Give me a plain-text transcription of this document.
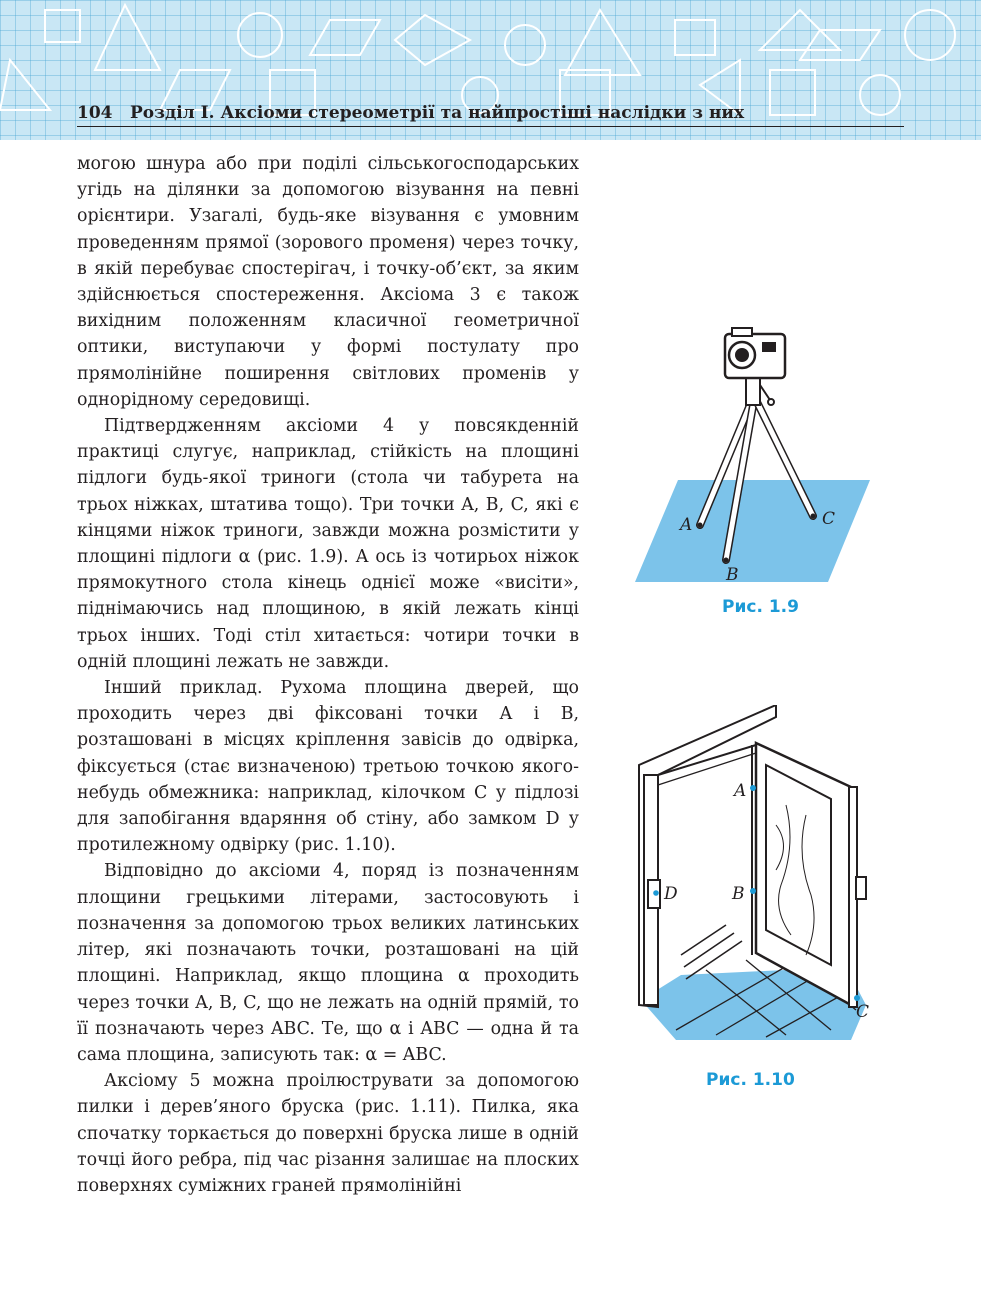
104 Розділ І. Аксіоми стереометрії та найпростіші наслідки з них

могою шнура або при поділі сільськогосподарських угідь на ділянки за допомогою візування на певні орієнтири. Узагалі, будь-яке візування є умовним проведенням прямої (зорового променя) через точку, в якій перебуває спостерігач, і точку-об’єкт, за яким здійснюється спостереження. Аксіома 3 є також вихідним положенням класичної геометричної оптики, виступаючи у формі постулату про прямолінійне поширення світлових променів у однорідному середовищі.

Підтвердженням аксіоми 4 у повсякденній практиці слугує, наприклад, стійкість на площині підлоги будь-якої триноги (стола чи табурета на трьох ніжках, штатива тощо). Три точки A, B, C, які є кінцями ніжок триноги, завжди можна розмістити у площині підлоги α (рис. 1.9). А ось із чотирьох ніжок прямокутного стола кінець однієї може «висіти», піднімаючись над площиною, в якій лежать кінці трьох інших. Тоді стіл хитається: чотири точки в одній площині лежать не завжди.

Інший приклад. Рухома площина дверей, що проходить через дві фіксовані точки A і B, розташовані в місцях кріплення завісів до одвірка, фіксується (стає визначеною) третьою точкою якого-небудь обмежника: наприклад, кілочком C у підлозі для запобігання вдаряння об стіну, або замком D у протилежному одвірку (рис. 1.10).

Відповідно до аксіоми 4, поряд із позначенням площини грецькими літерами, застосовують і позначення за допомогою трьох великих латинських літер, які позначають точки, розташовані на цій площині. Наприклад, якщо площина α проходить через точки A, B, C, що не лежать на одній прямій, то її позначають через ABC. Те, що α і ABC — одна й та сама площина, записують так: α = ABC.

Аксіому 5 можна проілюструвати за допомогою пилки і дерев’яного бруска (рис. 1.11). Пилка, яка спочатку торкається до поверхні бруска лише в одній точці його ребра, під час різання залишає на плоских поверхнях суміжних граней прямолінійні

A
B
C
Рис. 1.9
A
B
C
D
Рис. 1.10
